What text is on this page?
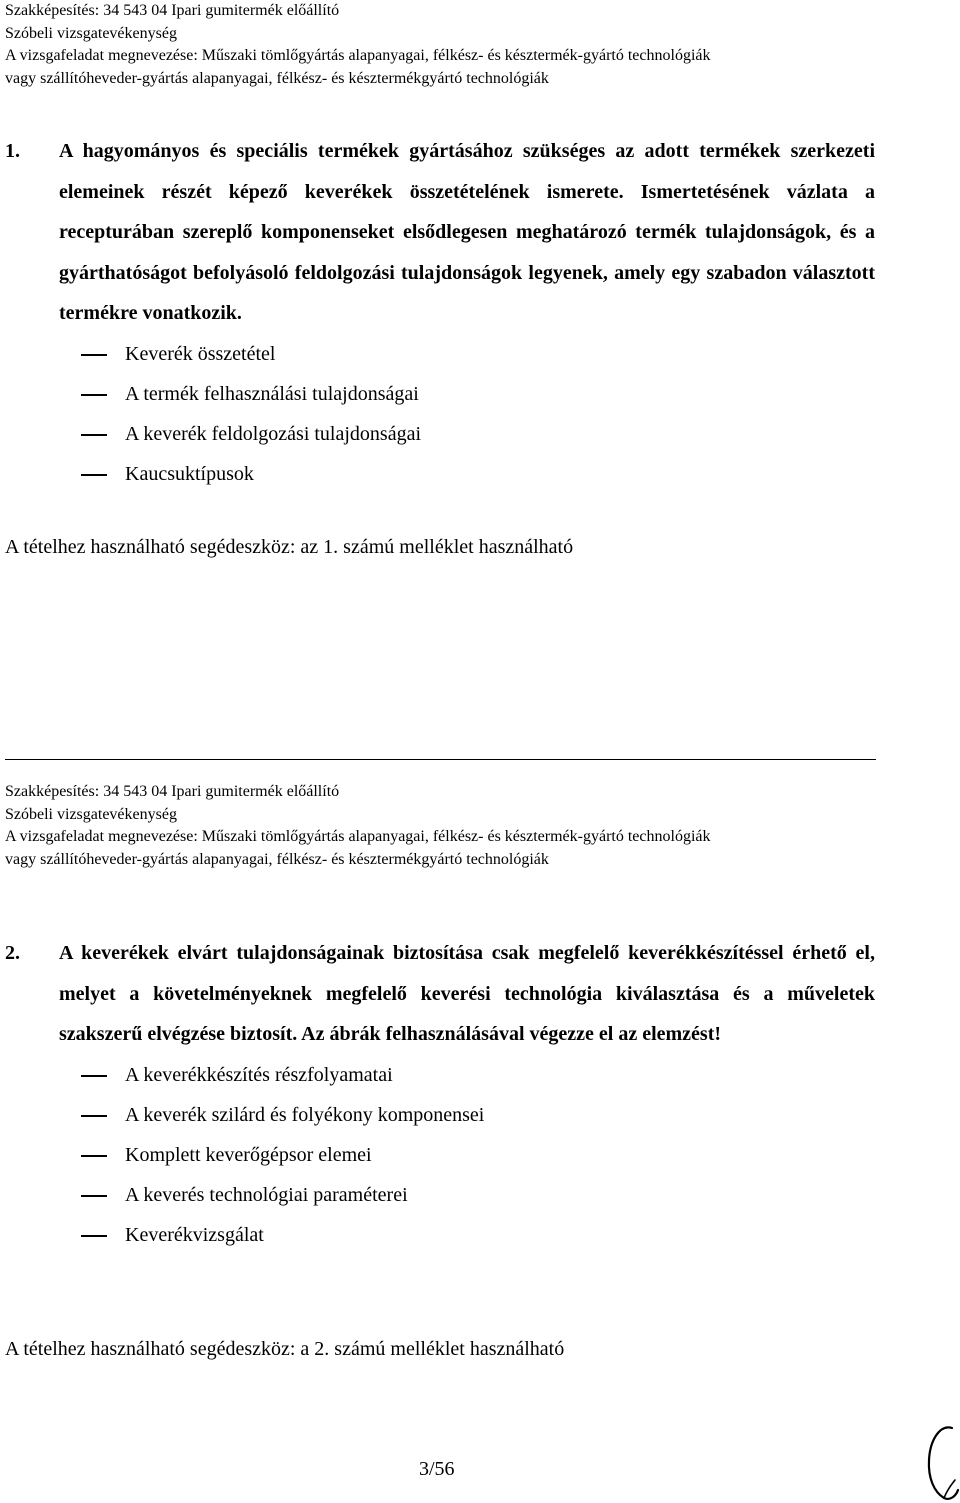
Szakképesítés: 34 543 04 Ipari gumitermék előállító
Szóbeli vizsgatevékenység
A vizsgafeladat megnevezése: Műszaki tömlőgyártás alapanyagai, félkész- és késztermék-gyártó technológiák
vagy szállítóheveder-gyártás alapanyagai, félkész- és késztermékgyártó technológiák
1.	A hagyományos és speciális termékek gyártásához szükséges az adott termékek szerkezeti elemeinek részét képező keverékek összetételének ismerete. Ismertetésének vázlata a recepturában szereplő komponenseket elsődlegesen meghatározó termék tulajdonságok, és a gyárthatóságot befolyásoló feldolgozási tulajdonságok legyenek, amely egy szabadon választott termékre vonatkozik.
Keverék összetétel
A termék felhasználási tulajdonságai
A keverék feldolgozási tulajdonságai
Kaucsuktípusok
A tételhez használható segédeszköz: az 1. számú melléklet használható
Szakképesítés: 34 543 04 Ipari gumitermék előállító
Szóbeli vizsgatevékenység
A vizsgafeladat megnevezése: Műszaki tömlőgyártás alapanyagai, félkész- és késztermék-gyártó technológiák
vagy szállítóheveder-gyártás alapanyagai, félkész- és késztermékgyártó technológiák
2.	A keverékek elvárt tulajdonságainak biztosítása csak megfelelő keverékkészítéssel érhető el, melyet a követelményeknek megfelelő keverési technológia kiválasztása és a műveletek szakszerű elvégzése biztosít. Az ábrák felhasználásával végezze el az elemzést!
A keverékkészítés részfolyamatai
A keverék szilárd és folyékony komponensei
Komplett keverőgépsor elemei
A keverés technológiai paraméterei
Keverékvizsgálat
A tételhez használható segédeszköz: a 2. számú melléklet használható
3/56
